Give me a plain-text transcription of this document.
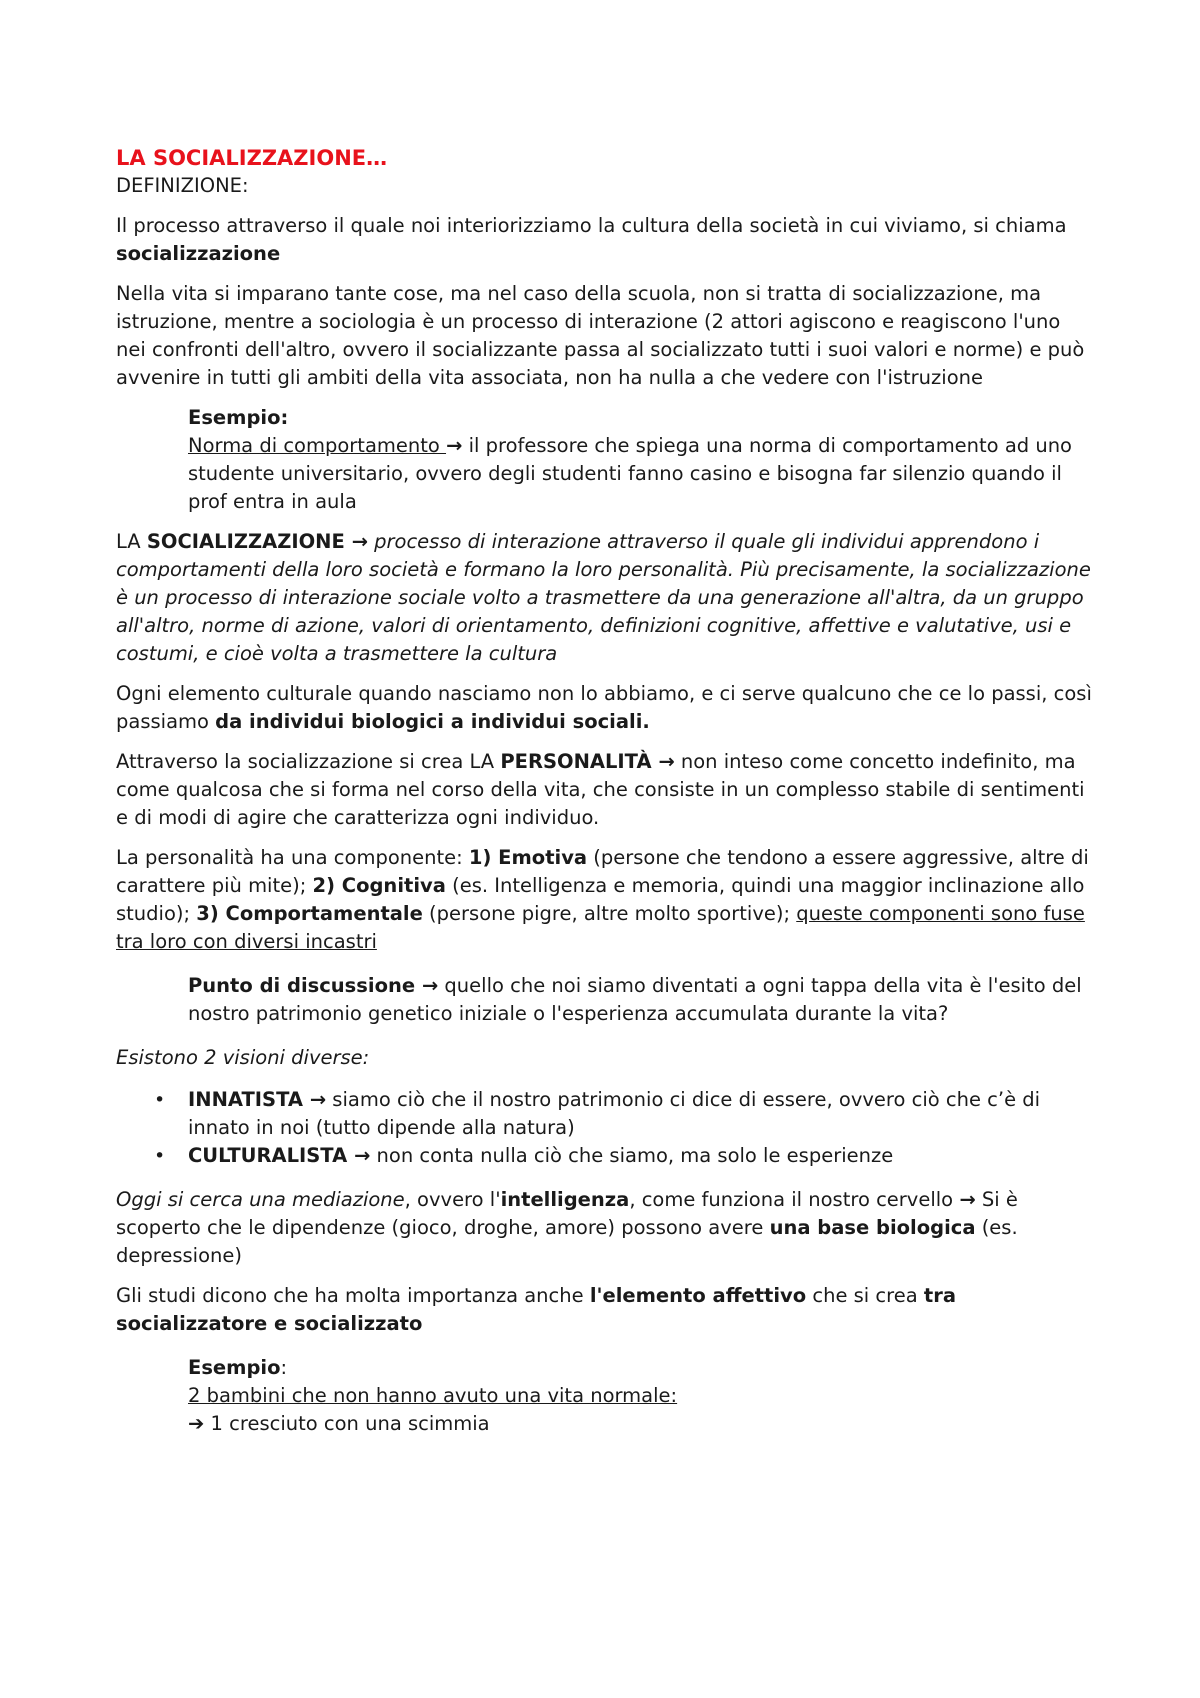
LA SOCIALIZZAZIONE…

DEFINIZIONE:

Il processo attraverso il quale noi interiorizziamo la cultura della società in cui viviamo, si chiama socializzazione

Nella vita si imparano tante cose, ma nel caso della scuola, non si tratta di socializzazione, ma istruzione, mentre a sociologia è un processo di interazione (2 attori agiscono e reagiscono l'uno nei confronti dell'altro, ovvero il socializzante passa al socializzato tutti i suoi valori e norme) e può avvenire in tutti gli ambiti della vita associata, non ha nulla a che vedere con l'istruzione

Esempio:

Norma di comportamento → il professore che spiega una norma di comportamento ad uno studente universitario, ovvero degli studenti fanno casino e bisogna far silenzio quando il prof entra in aula

LA SOCIALIZZAZIONE → processo di interazione attraverso il quale gli individui apprendono i comportamenti della loro società e formano la loro personalità. Più precisamente, la socializzazione è un processo di interazione sociale volto a trasmettere da una generazione all'altra, da un gruppo all'altro, norme di azione, valori di orientamento, definizioni cognitive, affettive e valutative, usi e costumi, e cioè volta a trasmettere la cultura

Ogni elemento culturale quando nasciamo non lo abbiamo, e ci serve qualcuno che ce lo passi, così passiamo da individui biologici a individui sociali.

Attraverso la socializzazione si crea LA PERSONALITÀ → non inteso come concetto indefinito, ma come qualcosa che si forma nel corso della vita, che consiste in un complesso stabile di sentimenti e di modi di agire che caratterizza ogni individuo.

La personalità ha una componente: 1) Emotiva (persone che tendono a essere aggressive, altre di carattere più mite); 2) Cognitiva (es. Intelligenza e memoria, quindi una maggior inclinazione allo studio); 3) Comportamentale (persone pigre, altre molto sportive); queste componenti sono fuse tra loro con diversi incastri

Punto di discussione → quello che noi siamo diventati a ogni tappa della vita è l'esito del nostro patrimonio genetico iniziale o l'esperienza accumulata durante la vita?

Esistono 2 visioni diverse:

• INNATISTA → siamo ciò che il nostro patrimonio ci dice di essere, ovvero ciò che c’è di innato in noi (tutto dipende alla natura)
• CULTURALISTA → non conta nulla ciò che siamo, ma solo le esperienze

Oggi si cerca una mediazione, ovvero l'intelligenza, come funziona il nostro cervello → Si è scoperto che le dipendenze (gioco, droghe, amore) possono avere una base biologica (es. depressione)

Gli studi dicono che ha molta importanza anche l'elemento affettivo che si crea tra socializzatore e socializzato

Esempio:

2 bambini che non hanno avuto una vita normale:

➔ 1 cresciuto con una scimmia
